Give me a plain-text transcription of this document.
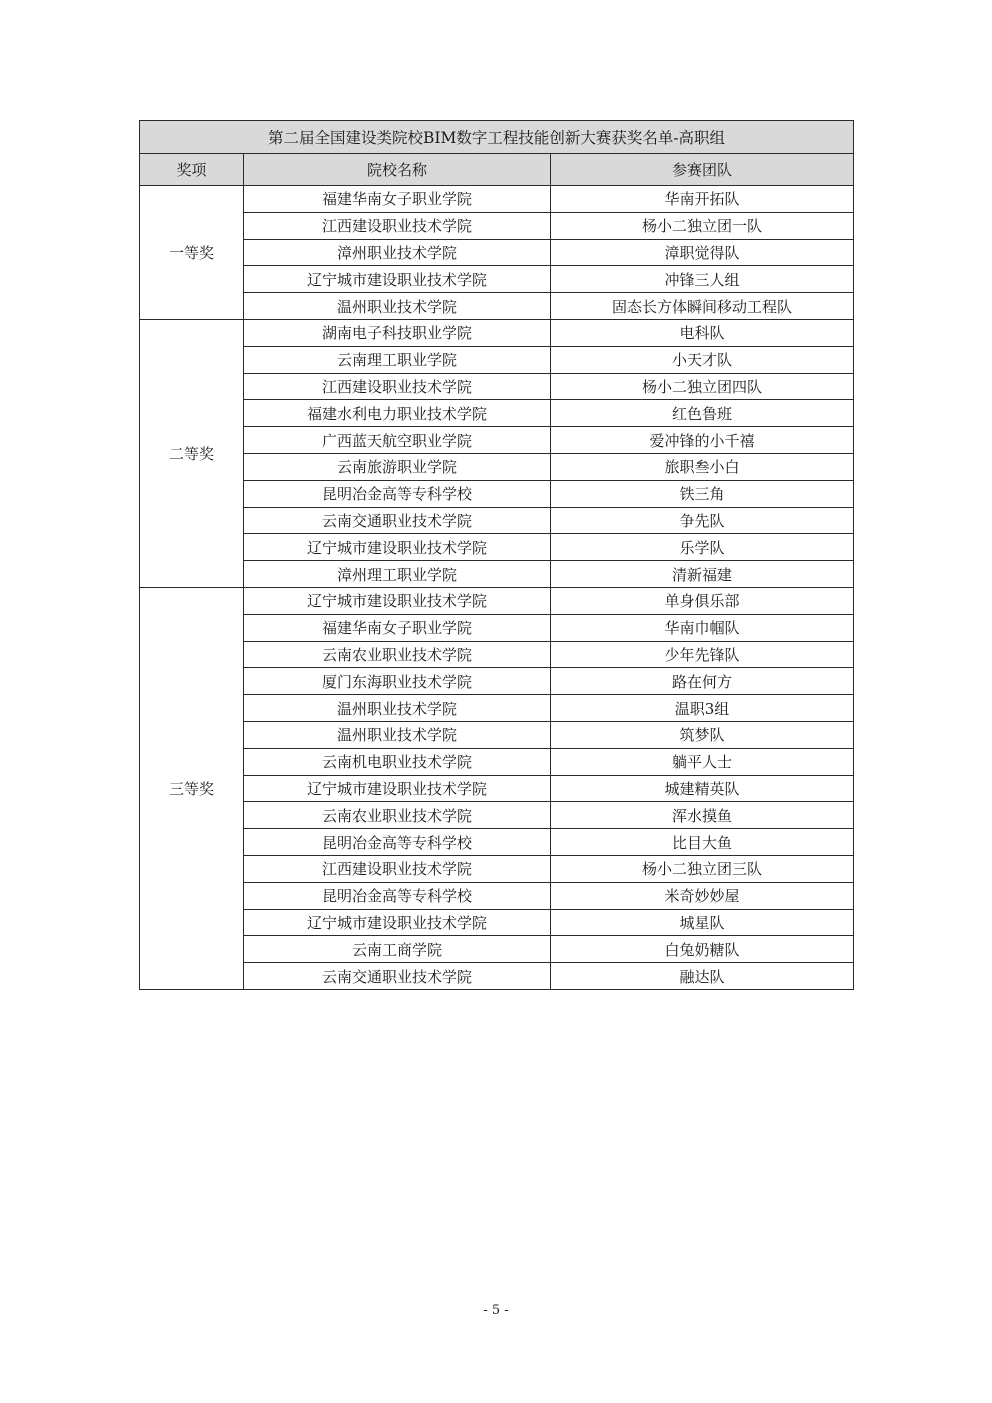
第二届全国建设类院校BIM数字工程技能创新大赛获奖名单-高职组		
奖项	院校名称	参赛团队
一等奖	福建华南女子职业学院	华南开拓队
	江西建设职业技术学院	杨小二独立团一队
	漳州职业技术学院	漳职觉得队
	辽宁城市建设职业技术学院	冲锋三人组
	温州职业技术学院	固态长方体瞬间移动工程队
二等奖	湖南电子科技职业学院	电科队
	云南理工职业学院	小天才队
	江西建设职业技术学院	杨小二独立团四队
	福建水利电力职业技术学院	红色鲁班
	广西蓝天航空职业学院	爱冲锋的小千禧
	云南旅游职业学院	旅职叁小白
	昆明冶金高等专科学校	铁三角
	云南交通职业技术学院	争先队
	辽宁城市建设职业技术学院	乐学队
	漳州理工职业学院	清新福建
三等奖	辽宁城市建设职业技术学院	单身俱乐部
	福建华南女子职业学院	华南巾帼队
	云南农业职业技术学院	少年先锋队
	厦门东海职业技术学院	路在何方
	温州职业技术学院	温职3组
	温州职业技术学院	筑梦队
	云南机电职业技术学院	躺平人士
	辽宁城市建设职业技术学院	城建精英队
	云南农业职业技术学院	浑水摸鱼
	昆明冶金高等专科学校	比目大鱼
	江西建设职业技术学院	杨小二独立团三队
	昆明冶金高等专科学校	米奇妙妙屋
	辽宁城市建设职业技术学院	城星队
	云南工商学院	白兔奶糖队
	云南交通职业技术学院	融达队
- 5 -
